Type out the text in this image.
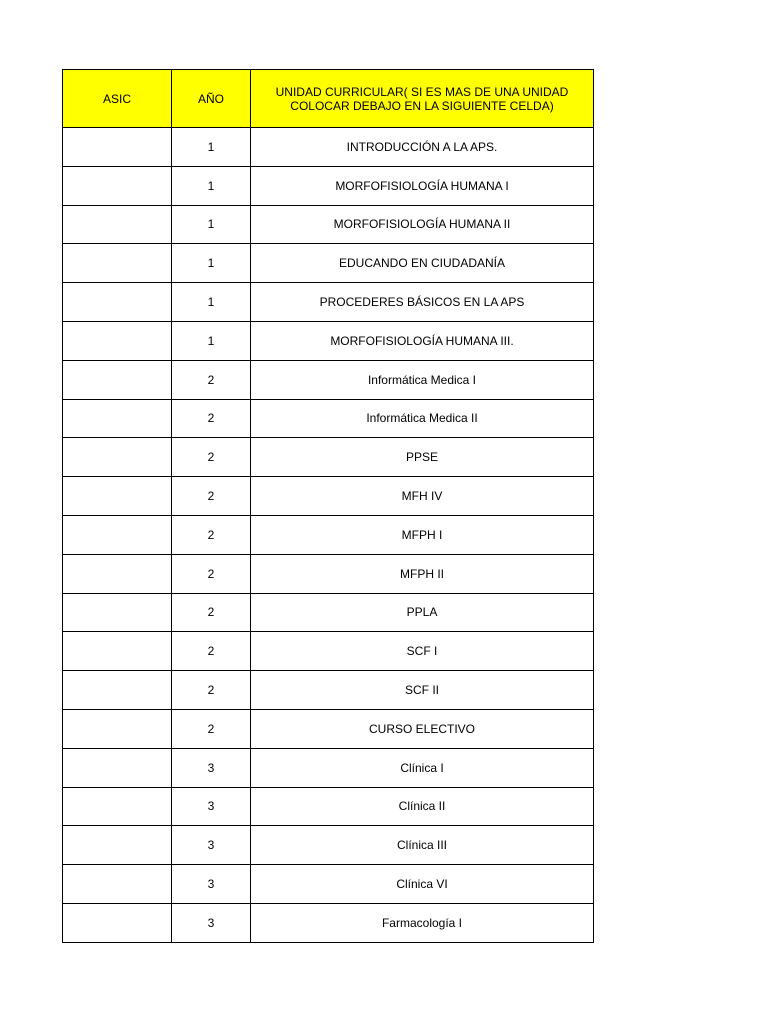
ASIC	AÑO	UNIDAD CURRICULAR( SI ES MAS DE UNA UNIDAD COLOCAR DEBAJO EN LA SIGUIENTE CELDA)
	1	INTRODUCCIÓN A LA APS.
	1	MORFOFISIOLOGÍA HUMANA I
	1	MORFOFISIOLOGÍA HUMANA II
	1	EDUCANDO EN CIUDADANÍA
	1	PROCEDERES BÁSICOS EN LA APS
	1	MORFOFISIOLOGÍA HUMANA III.
	2	Informática Medica I
	2	Informática Medica II
	2	PPSE
	2	MFH IV
	2	MFPH I
	2	MFPH II
	2	PPLA
	2	SCF I
	2	SCF II
	2	CURSO ELECTIVO
	3	Clínica I
	3	Clínica II
	3	Clínica III
	3	Clínica VI
	3	Farmacología I
